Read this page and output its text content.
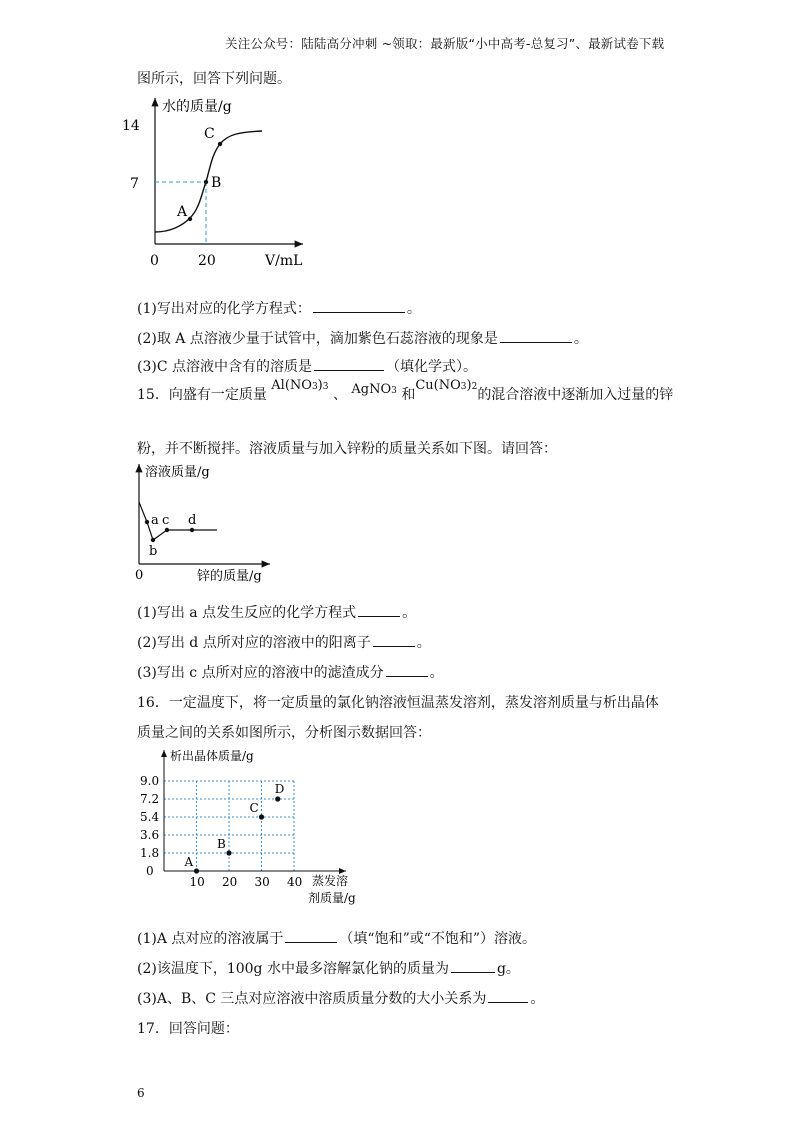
关注公众号：陆陆高分冲刺 ~领取：最新版“小中高考-总复习”、最新试卷下载
图所示，回答下列问题。
水的质量/g
14
7
0	20	V/mL
A
B
C
(1)写出对应的化学方程式：	。
(2)取 A 点溶液少量于试管中，滴加紫色石蕊溶液的现象是	。
(3)C 点溶液中含有的溶质是	（填化学式）。
15．向盛有一定质量 Al(NO3)3 、 AgNO3 和Cu(NO3)2的混合溶液中逐渐加入过量的锌
粉，并不断搅拌。溶液质量与加入锌粉的质量关系如下图。请回答：
溶液质量/g
0	锌的质量/g
a
b
c d
(1)写出 a 点发生反应的化学方程式	。
(2)写出 d 点所对应的溶液中的阳离子	。
(3)写出 c 点所对应的溶液中的滤渣成分	。
16．一定温度下，将一定质量的氯化钠溶液恒温蒸发溶剂，蒸发溶剂质量与析出晶体
质量之间的关系如图所示，分析图示数据回答：
析出晶体质量/g
蒸发溶
剂质量/g
0
10 20 30 40
1.8
3.6
5.4
7.2
9.0
A
B
C
D
(1)A 点对应的溶液属于	（填“饱和”或“不饱和”）溶液。
(2)该温度下，100g 水中最多溶解氯化钠的质量为	g。
(3)A、B、C 三点对应溶液中溶质质量分数的大小关系为	。
17．回答问题：
6
